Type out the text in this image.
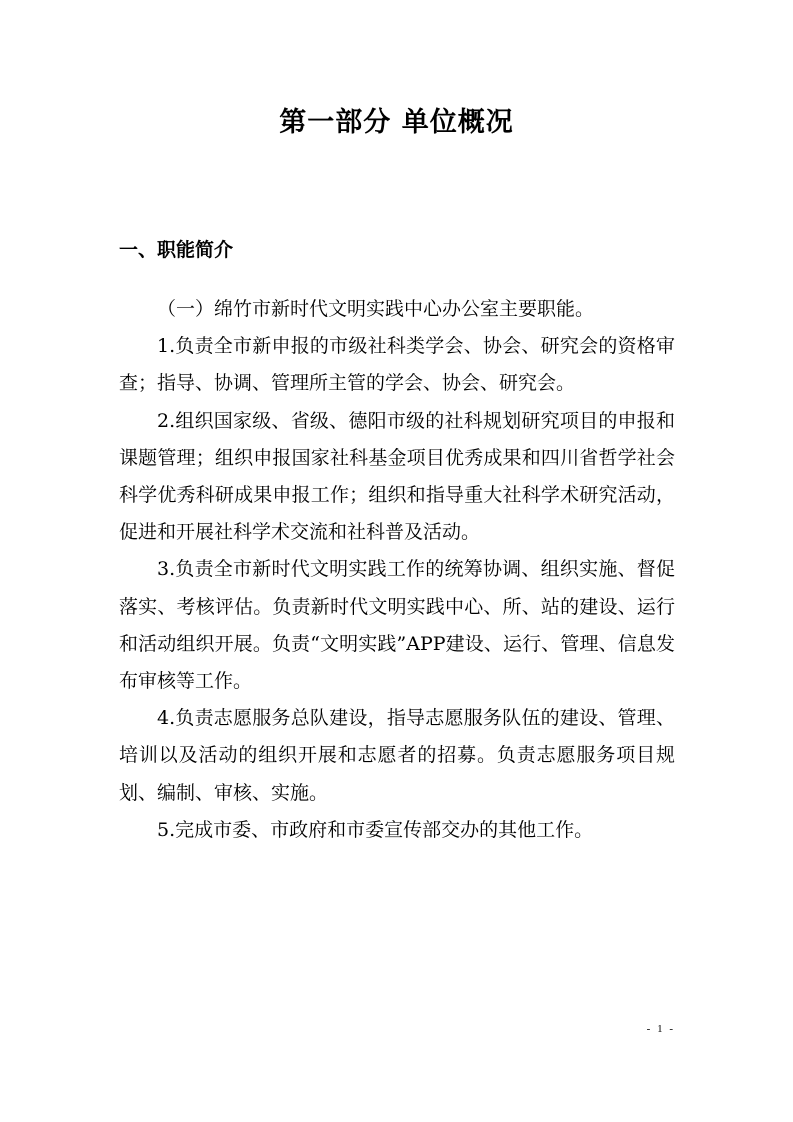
第一部分 单位概况
一、职能简介

（一）绵竹市新时代文明实践中心办公室主要职能。

1.负责全市新申报的市级社科类学会、协会、研究会的资格审查；指导、协调、管理所主管的学会、协会、研究会。

2.组织国家级、省级、德阳市级的社科规划研究项目的申报和课题管理；组织申报国家社科基金项目优秀成果和四川省哲学社会科学优秀科研成果申报工作；组织和指导重大社科学术研究活动，促进和开展社科学术交流和社科普及活动。

3.负责全市新时代文明实践工作的统筹协调、组织实施、督促落实、考核评估。负责新时代文明实践中心、所、站的建设、运行和活动组织开展。负责“文明实践”APP建设、运行、管理、信息发布审核等工作。

4.负责志愿服务总队建设，指导志愿服务队伍的建设、管理、培训以及活动的组织开展和志愿者的招募。负责志愿服务项目规划、编制、审核、实施。

5.完成市委、市政府和市委宣传部交办的其他工作。

- 1 -
